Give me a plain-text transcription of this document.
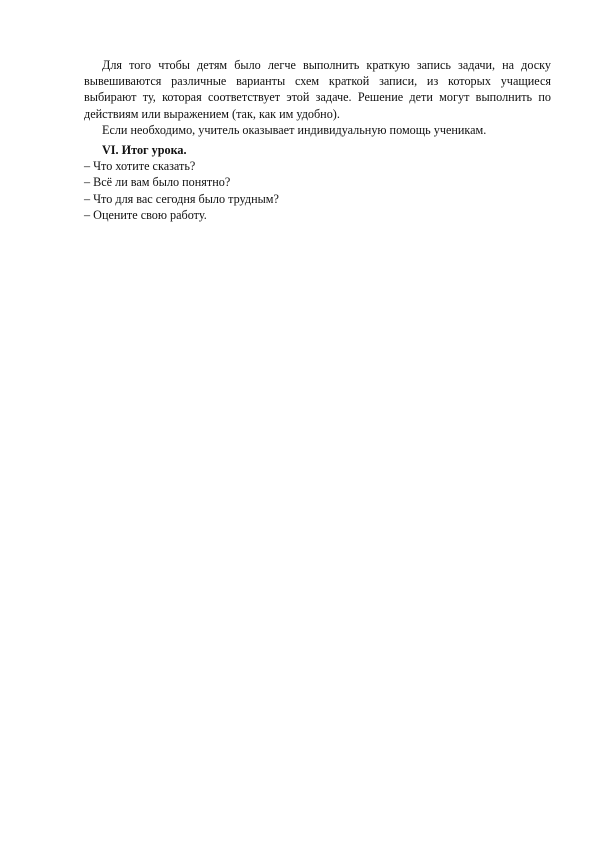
Для того чтобы детям было легче выполнить краткую запись задачи, на доску вывешиваются различные варианты схем краткой записи, из которых учащиеся выбирают ту, которая соответствует этой задаче. Решение дети могут выполнить по действиям или выражением (так, как им удобно).

Если необходимо, учитель оказывает индивидуальную помощь ученикам.

VI. Итог урока.

– Что хотите сказать?

– Всё ли вам было понятно?

– Что для вас сегодня было трудным?

– Оцените свою работу.
